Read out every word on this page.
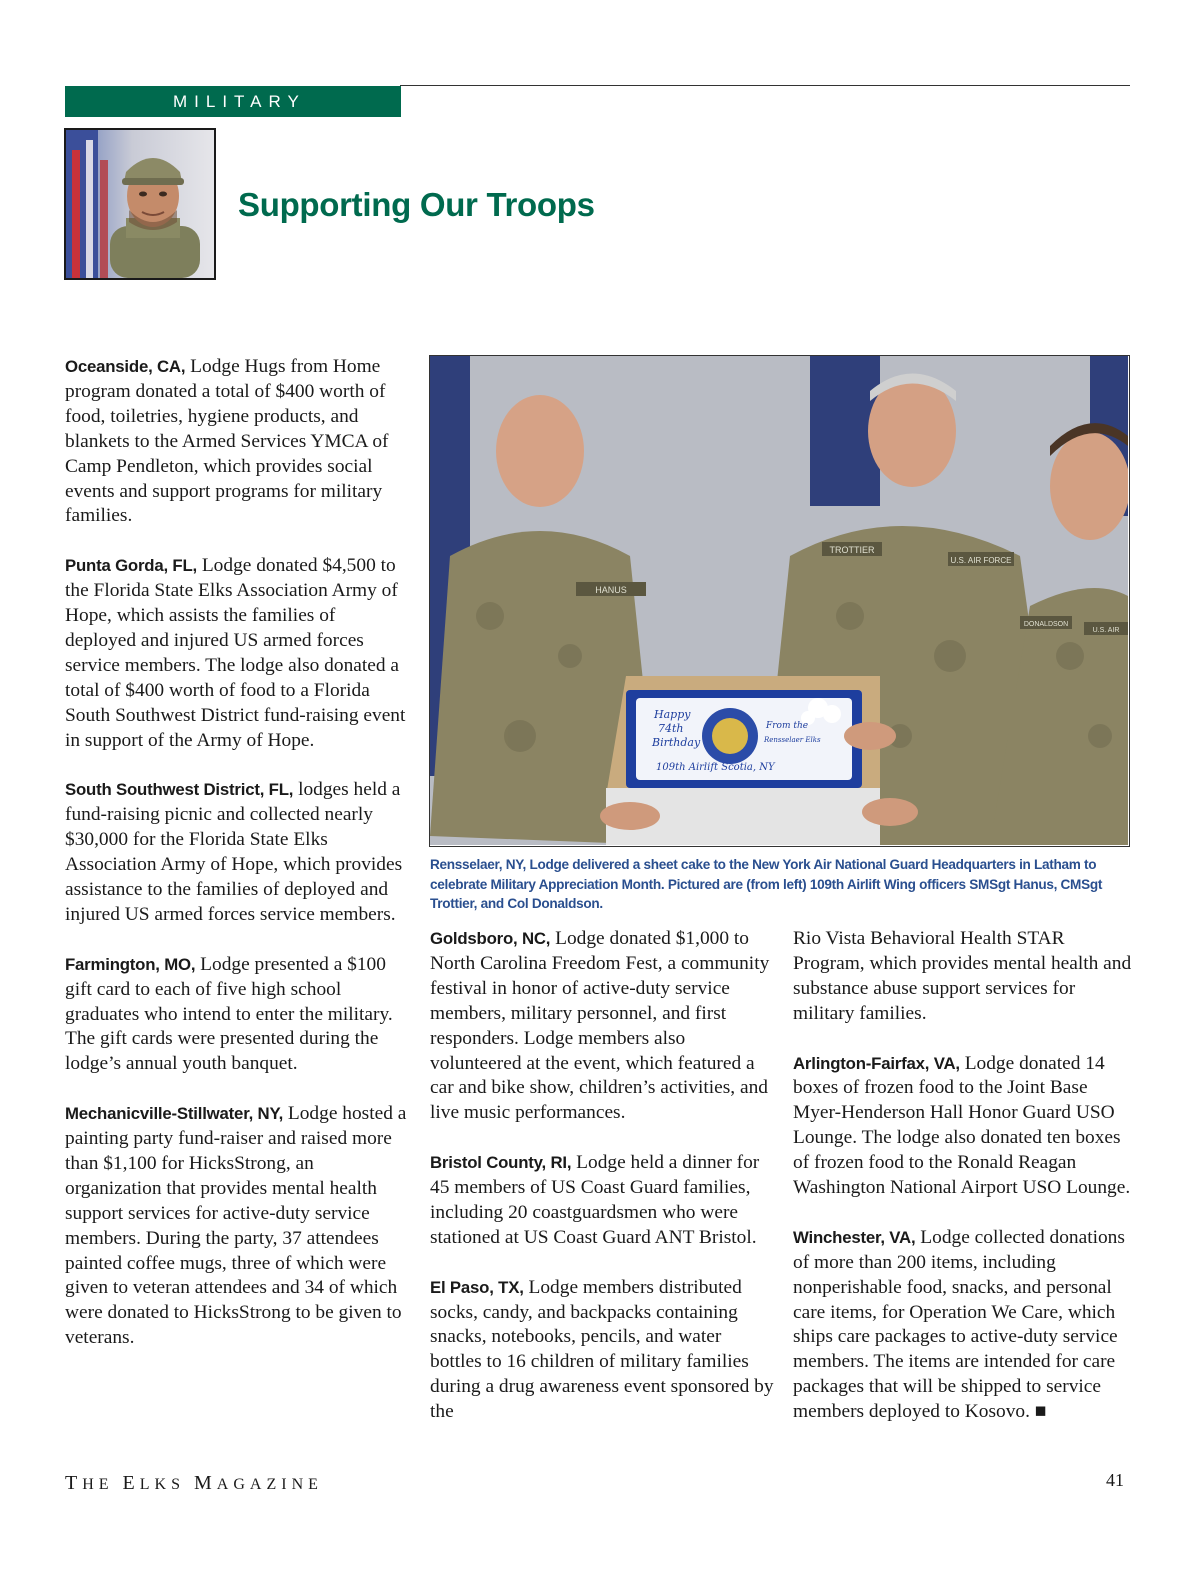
MILITARY
Supporting Our Troops

Oceanside, CA, Lodge Hugs from Home program donated a total of $400 worth of food, toiletries, hygiene products, and blankets to the Armed Services YMCA of Camp Pendleton, which provides social events and support programs for military families.

Punta Gorda, FL, Lodge donated $4,500 to the Florida State Elks Association Army of Hope, which assists the families of deployed and injured US armed forces service members. The lodge also donated a total of $400 worth of food to a Florida South Southwest District fund-raising event in support of the Army of Hope.

South Southwest District, FL, lodges held a fund-raising picnic and collected nearly $30,000 for the Florida State Elks Association Army of Hope, which provides assistance to the families of deployed and injured US armed forces service members.

Farmington, MO, Lodge presented a $100 gift card to each of five high school graduates who intend to enter the military. The gift cards were presented during the lodge’s annual youth banquet.

Mechanicville-Stillwater, NY, Lodge hosted a painting party fund-raiser and raised more than $1,100 for HicksStrong, an organization that provides mental health support services for active-duty service members. During the party, 37 attendees painted coffee mugs, three of which were given to veteran attendees and 34 of which were donated to HicksStrong to be given to veterans.

HANUS
TROTTIER
U.S. AIR FORCE
DONALDSON
U.S. AIR
Happy
74th
Birthday
109th Airlift Scotia, NY
From the
Rensselaer Elks
Rensselaer, NY, Lodge delivered a sheet cake to the New York Air National Guard Headquarters in Latham to celebrate Military Appreciation Month. Pictured are (from left) 109th Airlift Wing officers SMSgt Hanus, CMSgt Trottier, and Col Donaldson.

Goldsboro, NC, Lodge donated $1,000 to North Carolina Freedom Fest, a community festival in honor of active-duty service members, military personnel, and first responders. Lodge members also volunteered at the event, which featured a car and bike show, children’s activities, and live music performances.

Bristol County, RI, Lodge held a dinner for 45 members of US Coast Guard families, including 20 coastguardsmen who were stationed at US Coast Guard ANT Bristol.

El Paso, TX, Lodge members distributed socks, candy, and backpacks containing snacks, notebooks, pencils, and water bottles to 16 children of military families during a drug awareness event sponsored by the

Rio Vista Behavioral Health STAR Program, which provides mental health and substance abuse support services for military families.

Arlington-Fairfax, VA, Lodge donated 14 boxes of frozen food to the Joint Base Myer-Henderson Hall Honor Guard USO Lounge. The lodge also donated ten boxes of frozen food to the Ronald Reagan Washington National Airport USO Lounge.

Winchester, VA, Lodge collected donations of more than 200 items, including nonperishable food, snacks, and personal care items, for Operation We Care, which ships care packages to active-duty service members. The items are intended for care packages that will be shipped to service members deployed to Kosovo. ■

THE ELKS MAGAZINE	41
